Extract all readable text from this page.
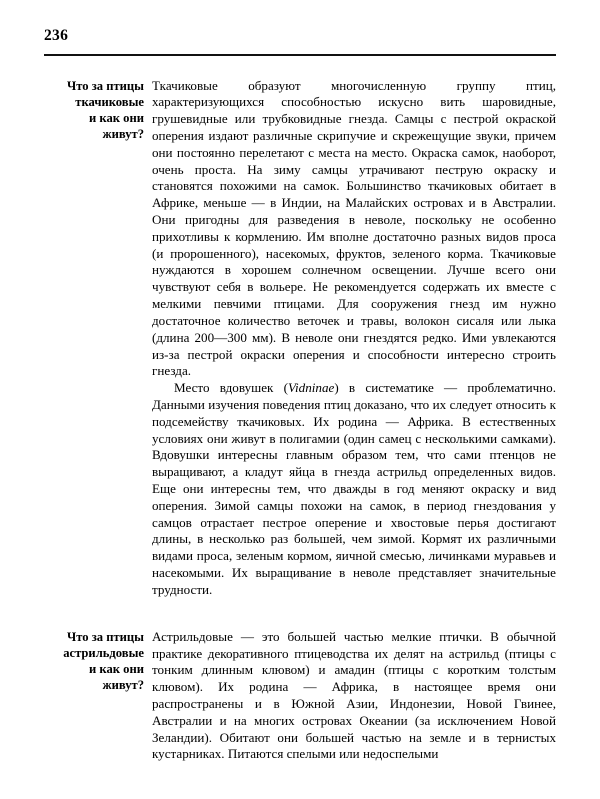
236
Что за птицы
ткачиковые
и как они
живут?

Ткачиковые образуют многочисленную группу птиц, характеризующихся способностью искусно вить шаровидные, грушевидные или трубковидные гнезда. Самцы с пестрой окраской оперения издают различные скрипучие и скрежещущие звуки, причем они постоянно перелетают с места на место. Окраска самок, наоборот, очень проста. На зиму самцы утрачивают пеструю окраску и становятся похожими на самок. Большинство ткачиковых обитает в Африке, меньше — в Индии, на Малайских островах и в Австралии. Они пригодны для разведения в неволе, поскольку не особенно прихотливы к кормлению. Им вполне достаточно разных видов проса (и пророшенного), насекомых, фруктов, зеленого корма. Ткачиковые нуждаются в хорошем солнечном освещении. Лучше всего они чувствуют себя в вольере. Не рекомендуется содержать их вместе с мелкими певчими птицами. Для сооружения гнезд им нужно достаточное количество веточек и травы, волокон сисаля или лыка (длина 200—300 мм). В неволе они гнездятся редко. Ими увлекаются из-за пестрой окраски оперения и способности интересно строить гнезда.

Место вдовушек (Vidninae) в систематике — проблематично. Данными изучения поведения птиц доказано, что их следует относить к подсемейству ткачиковых. Их родина — Африка. В естественных условиях они живут в полигамии (один самец с несколькими самками). Вдовушки интересны главным образом тем, что сами птенцов не выращивают, а кладут яйца в гнезда астрильд определенных видов. Еще они интересны тем, что дважды в год меняют окраску и вид оперения. Зимой самцы похожи на самок, в период гнездования у самцов отрастает пестрое оперение и хвостовые перья достигают длины, в несколько раз большей, чем зимой. Кормят их различными видами проса, зеленым кормом, яичной смесью, личинками муравьев и насекомыми. Их выращивание в неволе представляет значительные трудности.

Что за птицы
астрильдовые
и как они
живут?

Астрильдовые — это большей частью мелкие птички. В обычной практике декоративного птицеводства их делят на астрильд (птицы с тонким длинным клювом) и амадин (птицы с коротким толстым клювом). Их родина — Африка, в настоящее время они распространены и в Южной Азии, Индонезии, Новой Гвинее, Австралии и на многих островах Океании (за исключением Новой Зеландии). Обитают они большей частью на земле и в тернистых кустарниках. Питаются спелыми или недоспелыми
